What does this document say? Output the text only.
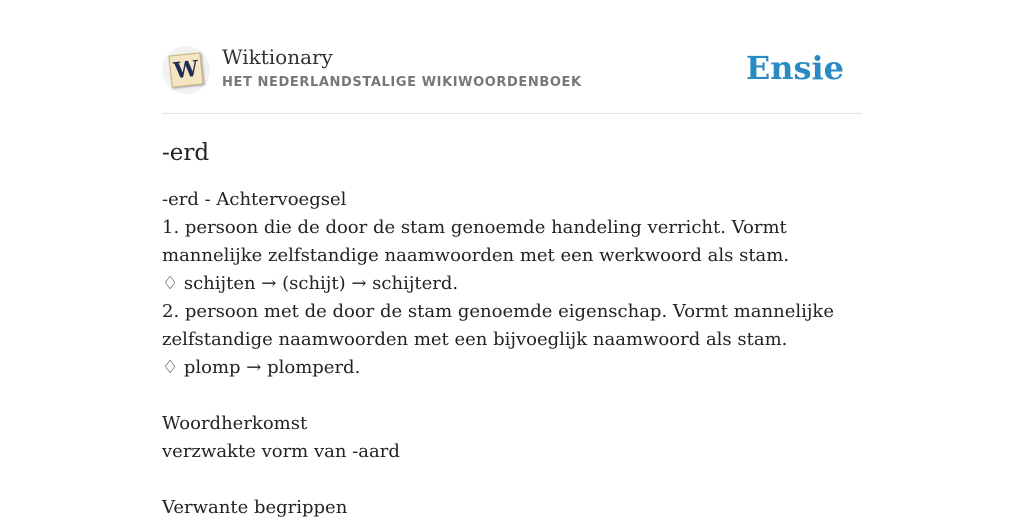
W Wiktionary
HET NEDERLANDSTALIGE WIKIWOORDENBOEK	Ensie
-erd

-erd - Achtervoegsel

1. persoon die de door de stam genoemde handeling verricht. Vormt mannelijke zelfstandige naamwoorden met een werkwoord als stam.

♢ schijten → (schijt) → schijterd.

2. persoon met de door de stam genoemde eigenschap. Vormt mannelijke zelfstandige naamwoorden met een bijvoeglijk naamwoord als stam.

♢ plomp → plomperd.

Woordherkomst

verzwakte vorm van -aard

Verwante begrippen
